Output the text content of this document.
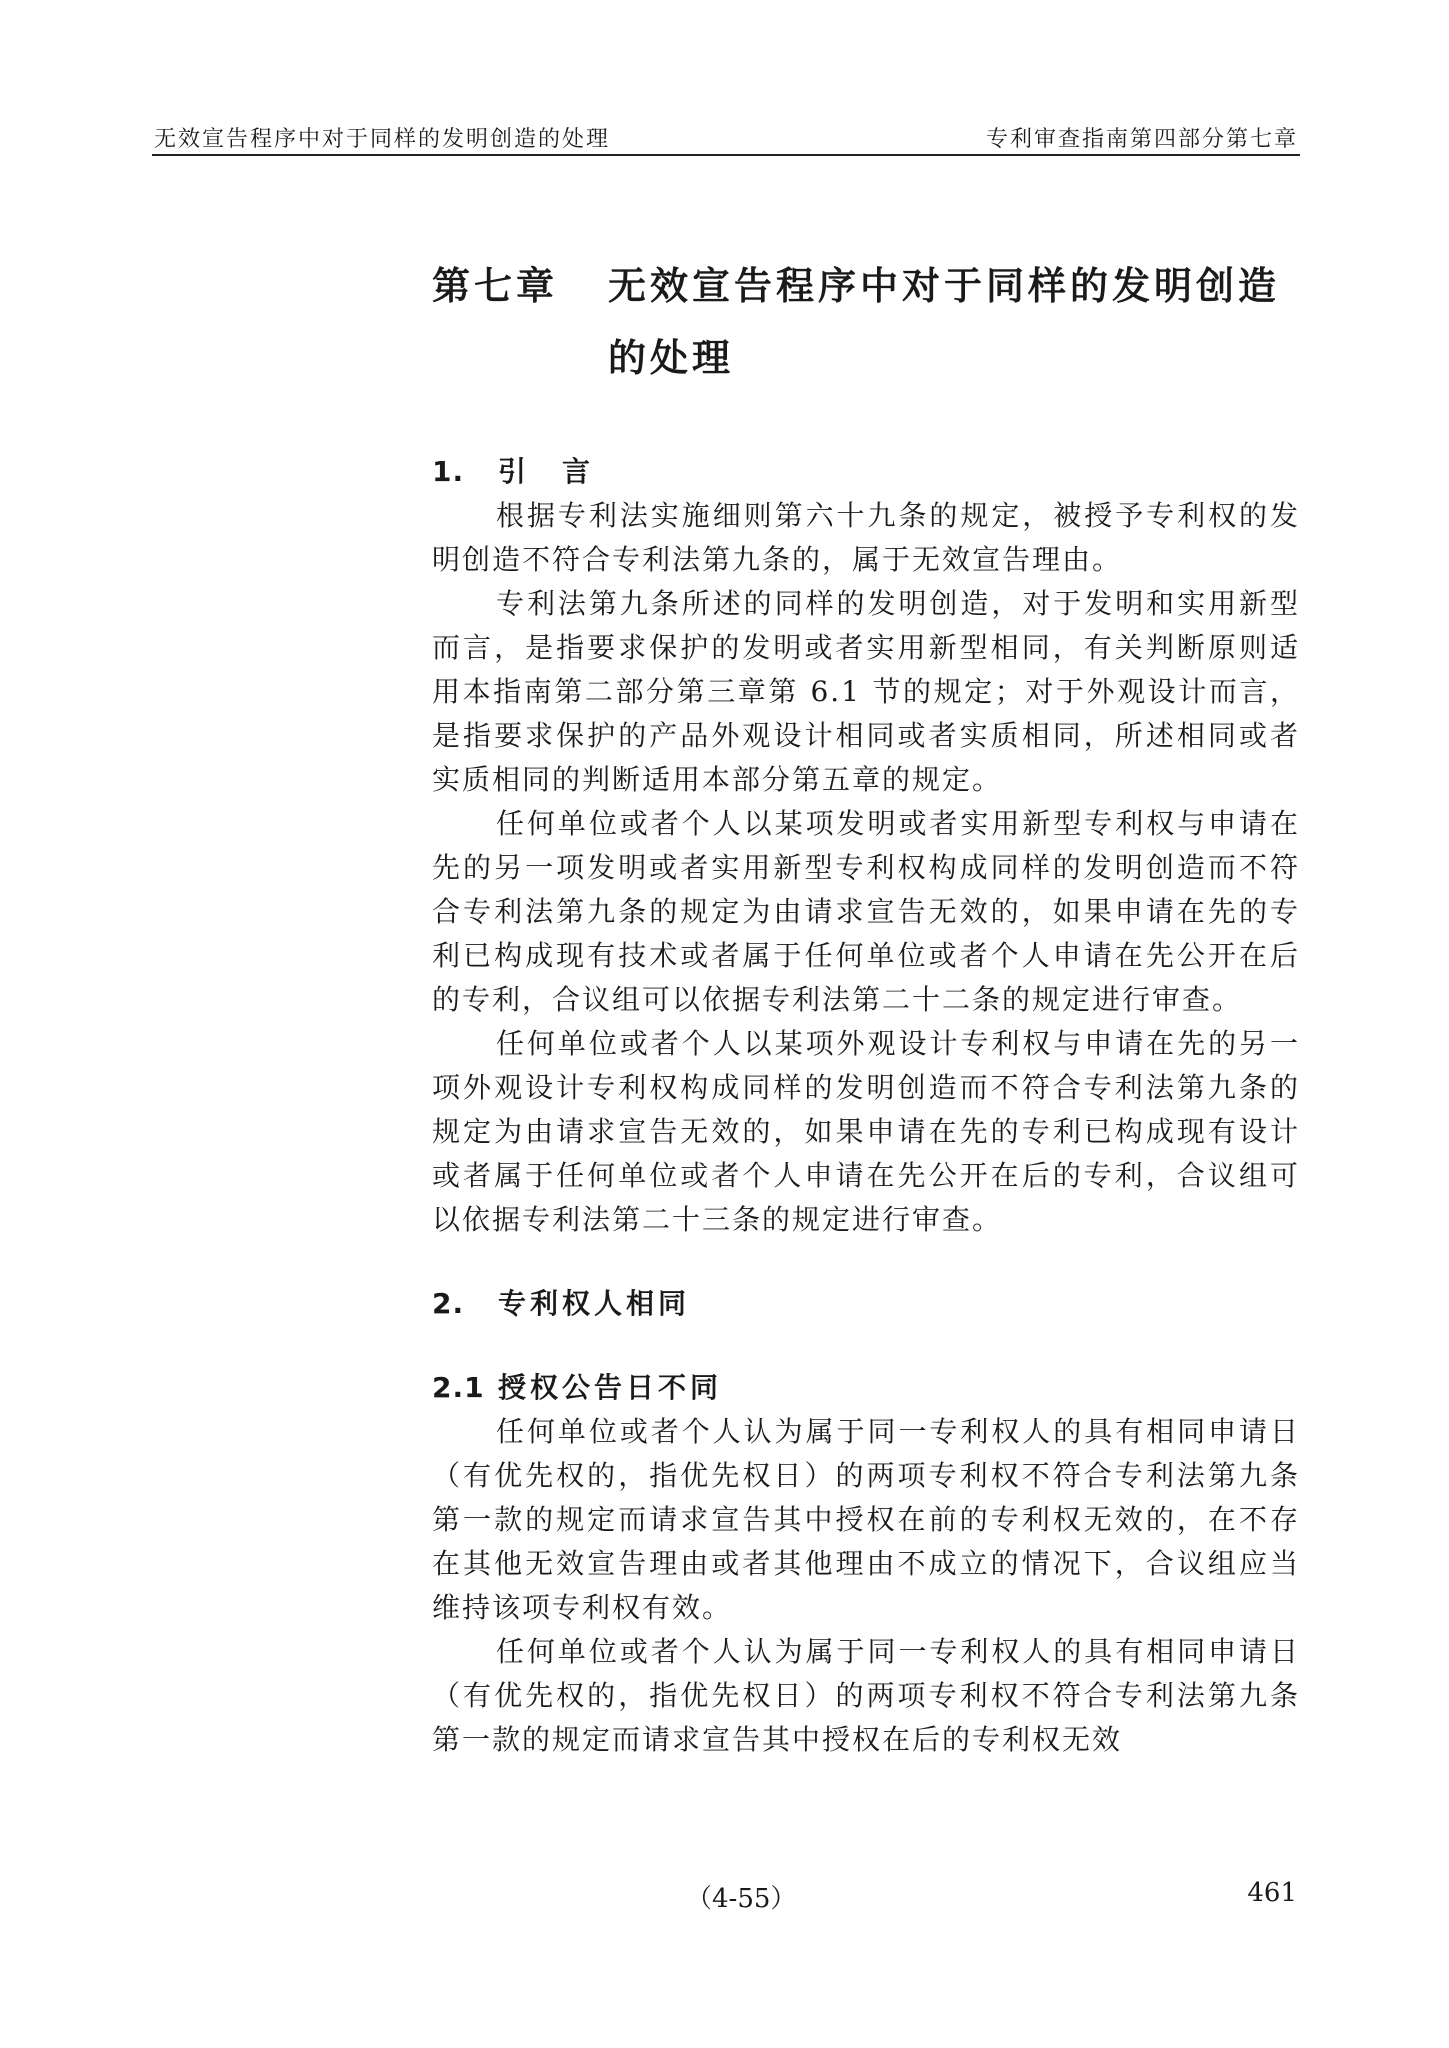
无效宣告程序中对于同样的发明创造的处理	专利审查指南第四部分第七章
第七章 无效宣告程序中对于同样的发明创造
的处理
1. 引　言

根据专利法实施细则第六十九条的规定，被授予专利权的发明创造不符合专利法第九条的，属于无效宣告理由。

专利法第九条所述的同样的发明创造，对于发明和实用新型而言，是指要求保护的发明或者实用新型相同，有关判断原则适用本指南第二部分第三章第 6.1 节的规定；对于外观设计而言，是指要求保护的产品外观设计相同或者实质相同，所述相同或者实质相同的判断适用本部分第五章的规定。

任何单位或者个人以某项发明或者实用新型专利权与申请在先的另一项发明或者实用新型专利权构成同样的发明创造而不符合专利法第九条的规定为由请求宣告无效的，如果申请在先的专利已构成现有技术或者属于任何单位或者个人申请在先公开在后的专利，合议组可以依据专利法第二十二条的规定进行审查。

任何单位或者个人以某项外观设计专利权与申请在先的另一项外观设计专利权构成同样的发明创造而不符合专利法第九条的规定为由请求宣告无效的，如果申请在先的专利已构成现有设计或者属于任何单位或者个人申请在先公开在后的专利，合议组可以依据专利法第二十三条的规定进行审查。

2. 专利权人相同
2.1 授权公告日不同

任何单位或者个人认为属于同一专利权人的具有相同申请日（有优先权的，指优先权日）的两项专利权不符合专利法第九条第一款的规定而请求宣告其中授权在前的专利权无效的，在不存在其他无效宣告理由或者其他理由不成立的情况下，合议组应当维持该项专利权有效。

任何单位或者个人认为属于同一专利权人的具有相同申请日（有优先权的，指优先权日）的两项专利权不符合专利法第九条第一款的规定而请求宣告其中授权在后的专利权无效

（4-55）	461
